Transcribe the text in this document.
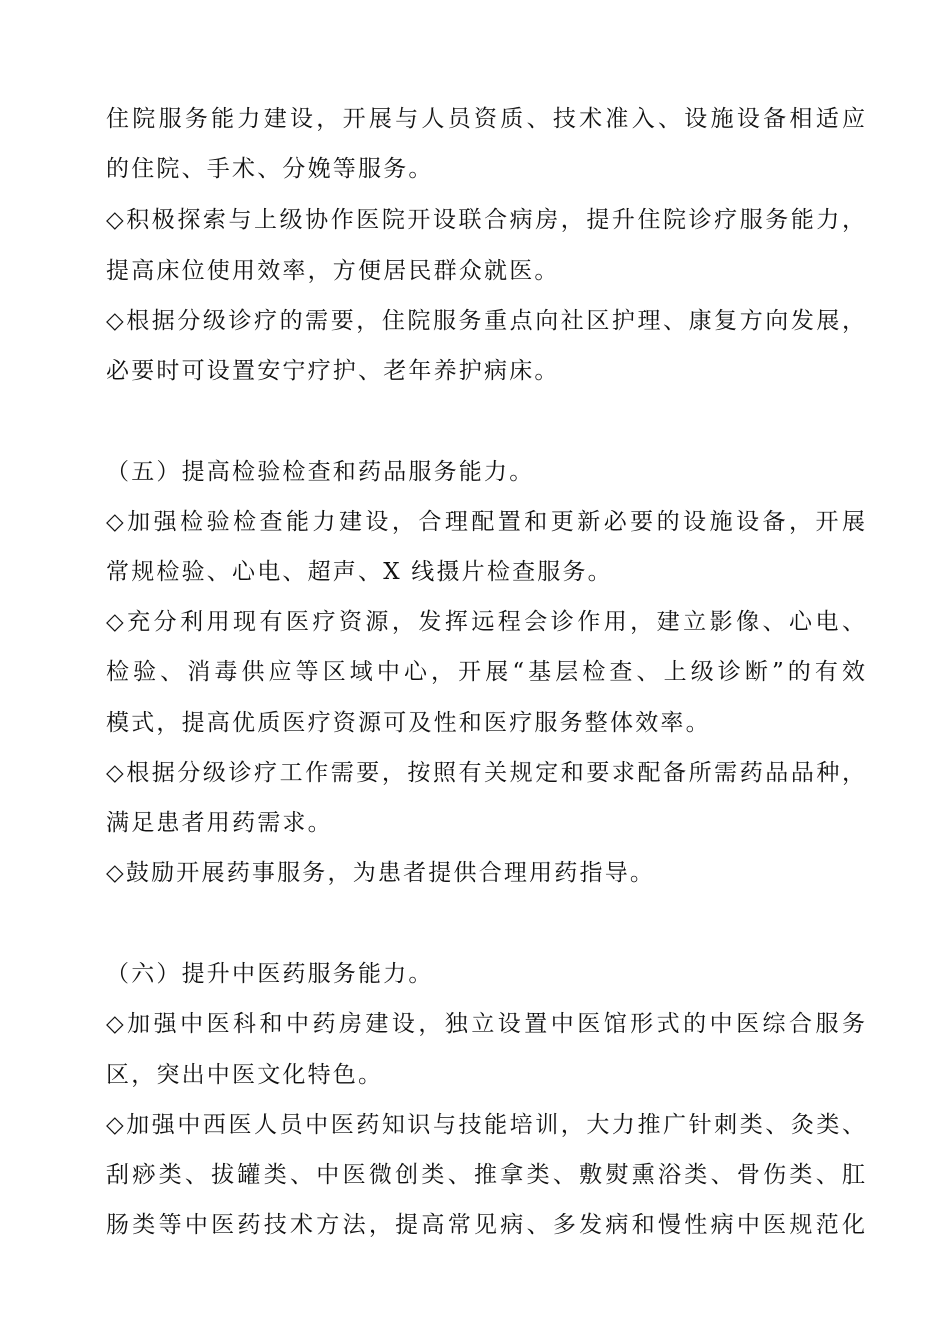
住院服务能力建设，开展与人员资质、技术准入、设施设备相适应
的住院、手术、分娩等服务。
◇积极探索与上级协作医院开设联合病房，提升住院诊疗服务能力，
提高床位使用效率，方便居民群众就医。
◇根据分级诊疗的需要，住院服务重点向社区护理、康复方向发展，
必要时可设置安宁疗护、老年养护病床。
（五）提高检验检查和药品服务能力。
◇加强检验检查能力建设，合理配置和更新必要的设施设备，开展
常规检验、心电、超声、X 线摄片检查服务。
◇充分利用现有医疗资源，发挥远程会诊作用，建立影像、心电、
检验、消毒供应等区域中心，开展“基层检查、上级诊断”的有效
模式，提高优质医疗资源可及性和医疗服务整体效率。
◇根据分级诊疗工作需要，按照有关规定和要求配备所需药品品种，
满足患者用药需求。
◇鼓励开展药事服务，为患者提供合理用药指导。
（六）提升中医药服务能力。
◇加强中医科和中药房建设，独立设置中医馆形式的中医综合服务
区，突出中医文化特色。
◇加强中西医人员中医药知识与技能培训，大力推广针刺类、灸类、
刮痧类、拔罐类、中医微创类、推拿类、敷熨熏浴类、骨伤类、肛
肠类等中医药技术方法，提高常见病、多发病和慢性病中医规范化
